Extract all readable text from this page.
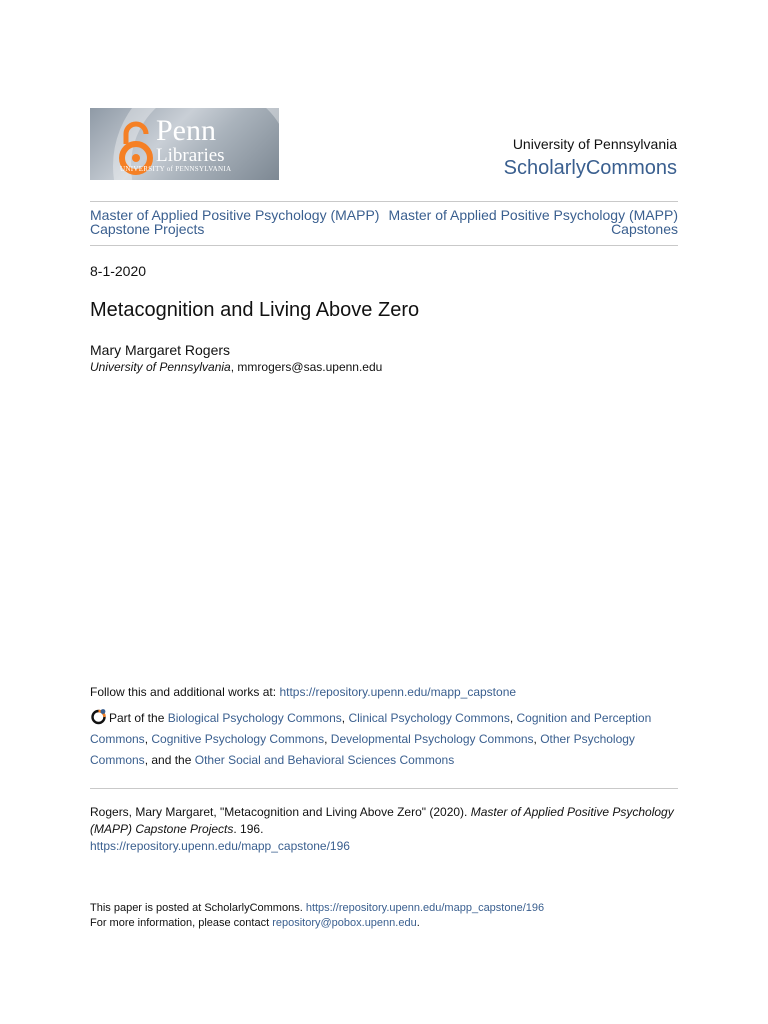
Penn
Libraries
UNIVERSITY of PENNSYLVANIA
University of Pennsylvania
ScholarlyCommons
Master of Applied Positive Psychology (MAPP) Capstone Projects
Master of Applied Positive Psychology (MAPP) Capstones
8-1-2020
Metacognition and Living Above Zero
Mary Margaret Rogers
University of Pennsylvania, mmrogers@sas.upenn.edu
Follow this and additional works at: https://repository.upenn.edu/mapp_capstone
Part of the Biological Psychology Commons, Clinical Psychology Commons, Cognition and Perception Commons, Cognitive Psychology Commons, Developmental Psychology Commons, Other Psychology Commons, and the Other Social and Behavioral Sciences Commons
Rogers, Mary Margaret, "Metacognition and Living Above Zero" (2020). Master of Applied Positive Psychology (MAPP) Capstone Projects. 196.
https://repository.upenn.edu/mapp_capstone/196
This paper is posted at ScholarlyCommons. https://repository.upenn.edu/mapp_capstone/196
For more information, please contact repository@pobox.upenn.edu.
